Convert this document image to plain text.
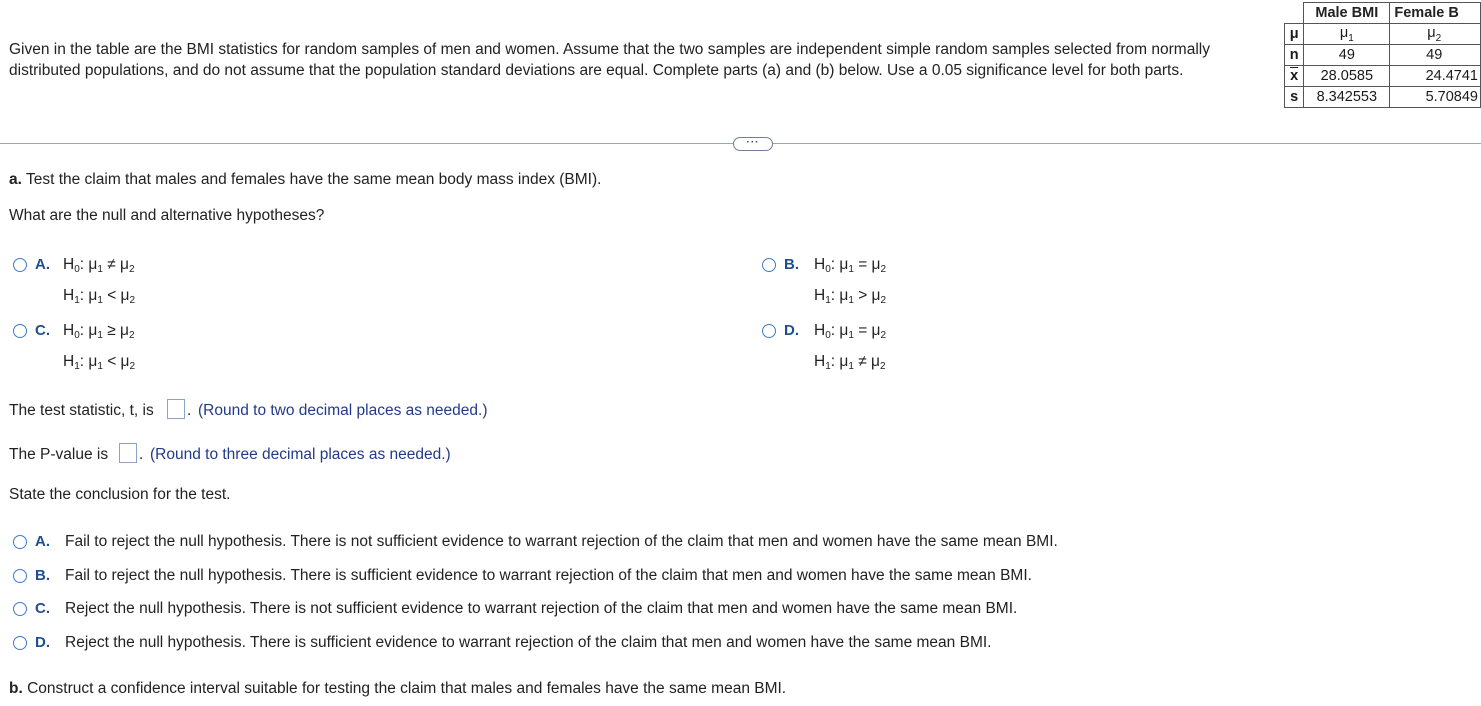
Given in the table are the BMI statistics for random samples of men and women. Assume that the two samples are independent simple random samples selected from normally distributed populations, and do not assume that the population standard deviations are equal. Complete parts (a) and (b) below. Use a 0.05 significance level for both parts.
	Male BMI	Female B
μ	$\mu_1$	$\mu_2$
n	49	49
$\overline{x}$	28.0585	24.4741
s	8.342553	5.70849
···
a. Test the claim that males and females have the same mean body mass index (BMI).
What are the null and alternative hypotheses?
A. $H_0$: $\mu_1 \ne \mu_2$
$H_1$: $\mu_1 < \mu_2$
B. $H_0$: $\mu_1 = \mu_2$
$H_1$: $\mu_1 > \mu_2$
C. $H_0$: $\mu_1 \ge \mu_2$
$H_1$: $\mu_1 < \mu_2$
D. $H_0$: $\mu_1 = \mu_2$
$H_1$: $\mu_1 \ne \mu_2$
The test statistic, t, is . (Round to two decimal places as needed.)
The P-value is . (Round to three decimal places as needed.)
State the conclusion for the test.
A. Fail to reject the null hypothesis. There is not sufficient evidence to warrant rejection of the claim that men and women have the same mean BMI.
B. Fail to reject the null hypothesis. There is sufficient evidence to warrant rejection of the claim that men and women have the same mean BMI.
C. Reject the null hypothesis. There is not sufficient evidence to warrant rejection of the claim that men and women have the same mean BMI.
D. Reject the null hypothesis. There is sufficient evidence to warrant rejection of the claim that men and women have the same mean BMI.
b. Construct a confidence interval suitable for testing the claim that males and females have the same mean BMI.
